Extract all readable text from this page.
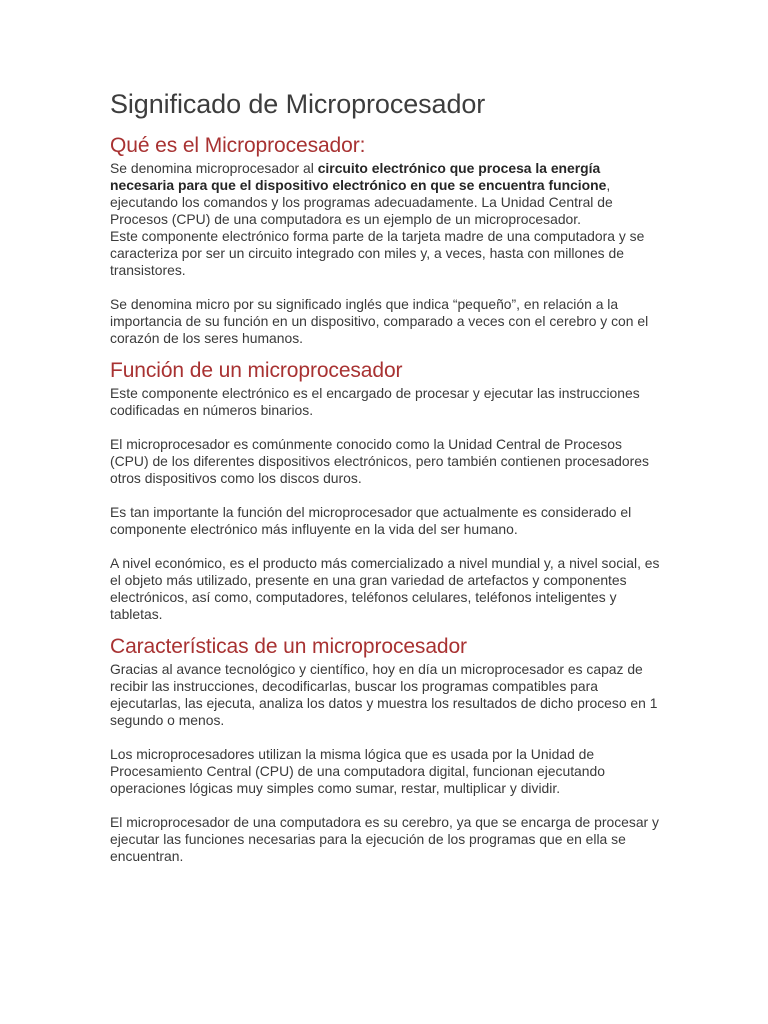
Significado de Microprocesador
Qué es el Microprocesador:

Se denomina microprocesador al circuito electrónico que procesa la energía necesaria para que el dispositivo electrónico en que se encuentra funcione, ejecutando los comandos y los programas adecuadamente. La Unidad Central de Procesos (CPU) de una computadora es un ejemplo de un microprocesador.

Este componente electrónico forma parte de la tarjeta madre de una computadora y se caracteriza por ser un circuito integrado con miles y, a veces, hasta con millones de transistores.

Se denomina micro por su significado inglés que indica “pequeño”, en relación a la importancia de su función en un dispositivo, comparado a veces con el cerebro y con el corazón de los seres humanos.

Función de un microprocesador

Este componente electrónico es el encargado de procesar y ejecutar las instrucciones codificadas en números binarios.

El microprocesador es comúnmente conocido como la Unidad Central de Procesos (CPU) de los diferentes dispositivos electrónicos, pero también contienen procesadores otros dispositivos como los discos duros.

Es tan importante la función del microprocesador que actualmente es considerado el componente electrónico más influyente en la vida del ser humano.

A nivel económico, es el producto más comercializado a nivel mundial y, a nivel social, es el objeto más utilizado, presente en una gran variedad de artefactos y componentes electrónicos, así como, computadores, teléfonos celulares, teléfonos inteligentes y tabletas.

Características de un microprocesador

Gracias al avance tecnológico y científico, hoy en día un microprocesador es capaz de recibir las instrucciones, decodificarlas, buscar los programas compatibles para ejecutarlas, las ejecuta, analiza los datos y muestra los resultados de dicho proceso en 1 segundo o menos.

Los microprocesadores utilizan la misma lógica que es usada por la Unidad de Procesamiento Central (CPU) de una computadora digital, funcionan ejecutando operaciones lógicas muy simples como sumar, restar, multiplicar y dividir.

El microprocesador de una computadora es su cerebro, ya que se encarga de procesar y ejecutar las funciones necesarias para la ejecución de los programas que en ella se encuentran.
